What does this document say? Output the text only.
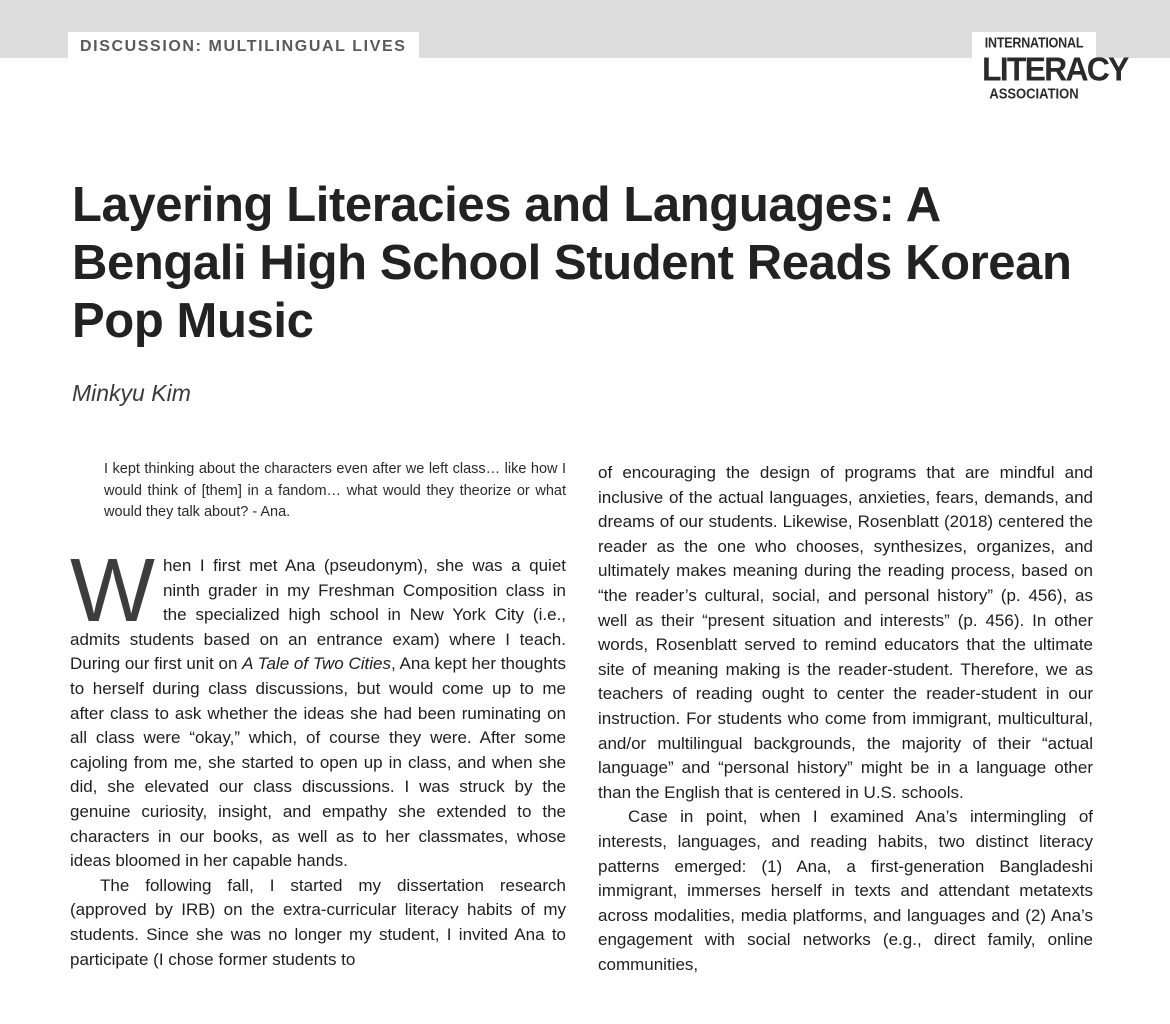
DISCUSSION: MULTILINGUAL LIVES	INTERNATIONAL
LITERACY
ASSOCIATION
Layering Literacies and Languages: A Bengali High School Student Reads Korean Pop Music

Minkyu Kim

I kept thinking about the characters even after we left class… like how I would think of [them] in a fandom… what would they theorize or what would they talk about? - Ana.

When I first met Ana (pseudonym), she was a quiet ninth grader in my Freshman Composition class in the specialized high school in New York City (i.e., admits students based on an entrance exam) where I teach. During our first unit on A Tale of Two Cities, Ana kept her thoughts to herself during class discussions, but would come up to me after class to ask whether the ideas she had been ruminating on all class were “okay,” which, of course they were. After some cajoling from me, she started to open up in class, and when she did, she elevated our class discussions. I was struck by the genuine curiosity, insight, and empathy she extended to the characters in our books, as well as to her classmates, whose ideas bloomed in her capable hands.

The following fall, I started my dissertation research (approved by IRB) on the extra-curricular literacy habits of my students. Since she was no longer my student, I invited Ana to participate (I chose former students to

of encouraging the design of programs that are mindful and inclusive of the actual languages, anxieties, fears, demands, and dreams of our students. Likewise, Rosenblatt (2018) centered the reader as the one who chooses, synthesizes, organizes, and ultimately makes meaning during the reading process, based on “the reader’s cultural, social, and personal history” (p. 456), as well as their “present situation and interests” (p. 456). In other words, Rosenblatt served to remind educators that the ultimate site of meaning making is the reader-student. Therefore, we as teachers of reading ought to center the reader-student in our instruction. For students who come from immigrant, multicultural, and/or multilingual backgrounds, the majority of their “actual language” and “personal history” might be in a language other than the English that is centered in U.S. schools.

Case in point, when I examined Ana’s intermingling of interests, languages, and reading habits, two distinct literacy patterns emerged: (1) Ana, a first-generation Bangladeshi immigrant, immerses herself in texts and attendant metatexts across modalities, media platforms, and languages and (2) Ana’s engagement with social networks (e.g., direct family, online communities,
